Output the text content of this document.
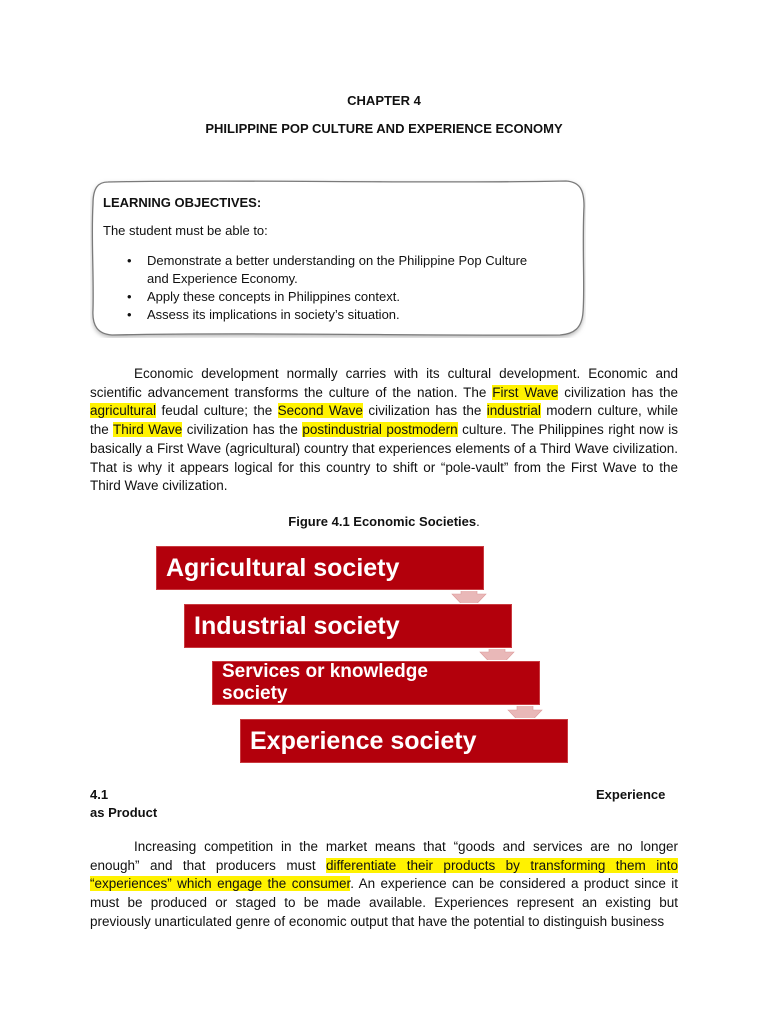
CHAPTER 4
PHILIPPINE POP CULTURE AND EXPERIENCE ECONOMY
LEARNING OBJECTIVES:
The student must be able to:
• Demonstrate a better understanding on the Philippine Pop Culture
and Experience Economy.
• Apply these concepts in Philippines context.
• Assess its implications in society’s situation.

Economic development normally carries with its cultural development. Economic and scientific advancement transforms the culture of the nation. The First Wave civilization has the agricultural feudal culture; the Second Wave civilization has the industrial modern culture, while the Third Wave civilization has the postindustrial postmodern culture. The Philippines right now is basically a First Wave (agricultural) country that experiences elements of a Third Wave civilization. That is why it appears logical for this country to shift or “pole-vault” from the First Wave to the Third Wave civilization.

Figure 4.1 Economic Societies.
Agricultural society
Industrial society
Services or knowledge society
Experience society
4.1	Experience
as Product

Increasing competition in the market means that “goods and services are no longer enough” and that producers must differentiate their products by transforming them into “experiences” which engage the consumer. An experience can be considered a product since it must be produced or staged to be made available. Experiences represent an existing but previously unarticulated genre of economic output that have the potential to distinguish business
